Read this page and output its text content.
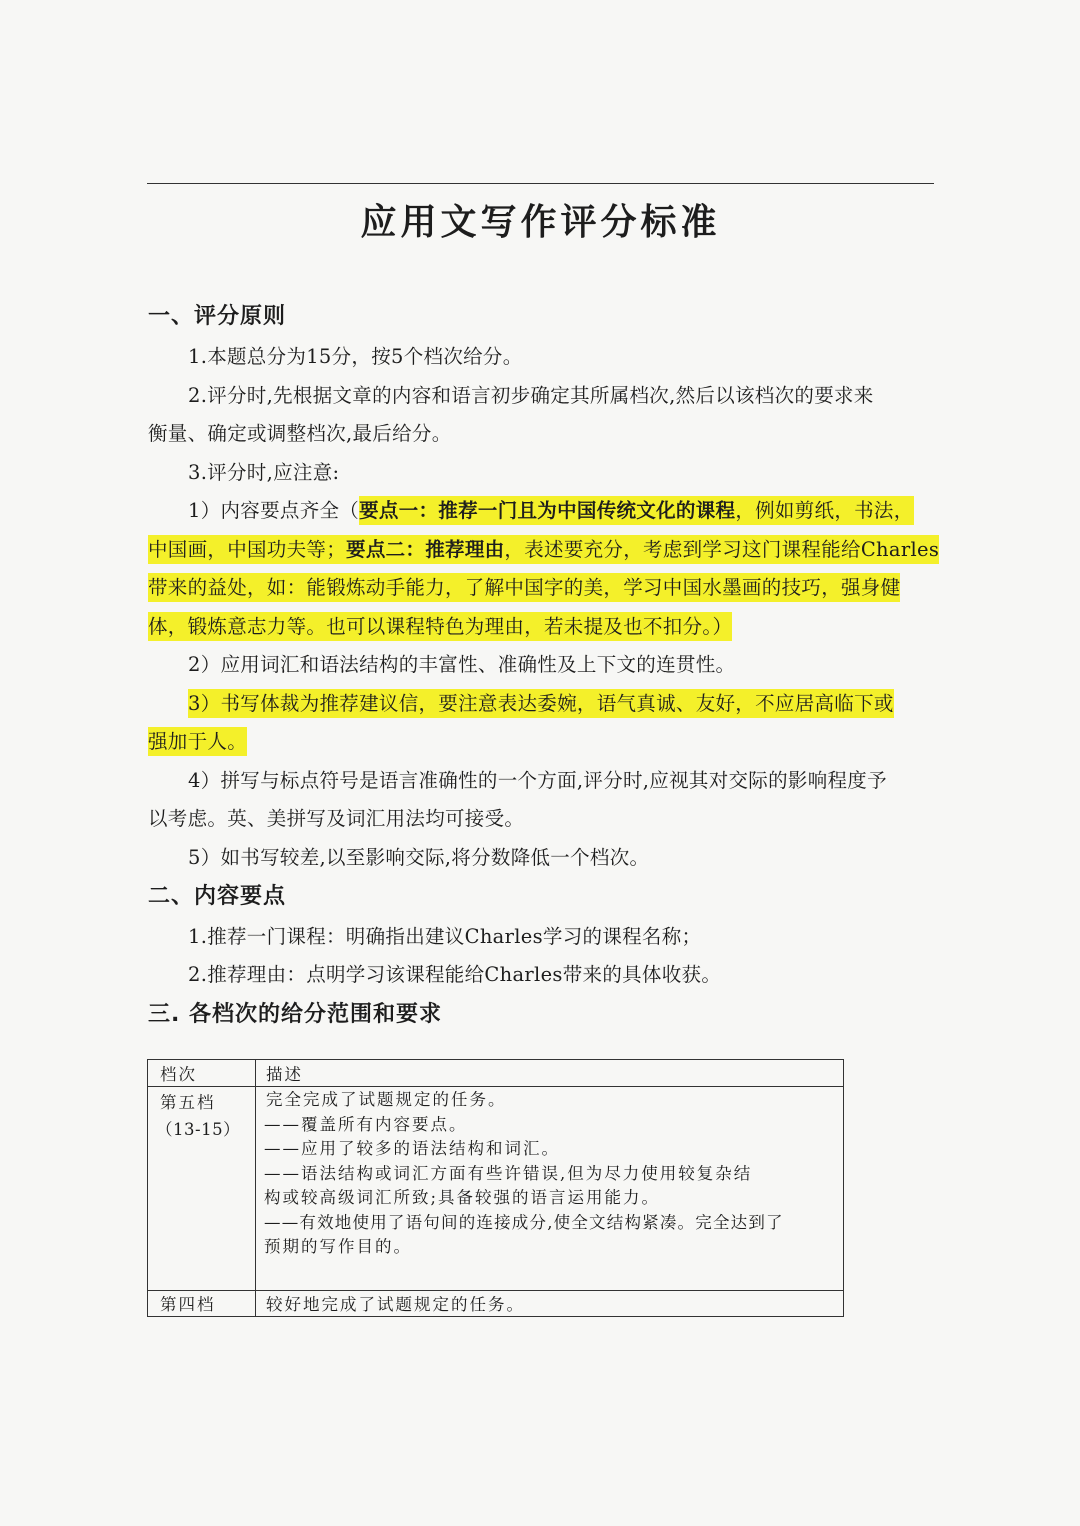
应用文写作评分标准
一、评分原则
1.本题总分为15分，按5个档次给分。
2.评分时,先根据文章的内容和语言初步确定其所属档次,然后以该档次的要求来
衡量、确定或调整档次,最后给分。
3.评分时,应注意:
1）内容要点齐全（要点一：推荐一门且为中国传统文化的课程，例如剪纸，书法，
中国画，中国功夫等；要点二：推荐理由，表述要充分，考虑到学习这门课程能给Charles
带来的益处，如：能锻炼动手能力，了解中国字的美，学习中国水墨画的技巧，强身健
体，锻炼意志力等。也可以课程特色为理由，若未提及也不扣分。）
2）应用词汇和语法结构的丰富性、准确性及上下文的连贯性。
3）书写体裁为推荐建议信，要注意表达委婉，语气真诚、友好，不应居高临下或
强加于人。
4）拼写与标点符号是语言准确性的一个方面,评分时,应视其对交际的影响程度予
以考虑。英、美拼写及词汇用法均可接受。
5）如书写较差,以至影响交际,将分数降低一个档次。
二、内容要点
1.推荐一门课程：明确指出建议Charles学习的课程名称；
2.推荐理由：点明学习该课程能给Charles带来的具体收获。
三. 各档次的给分范围和要求
档次	描述
第五档
（13-15）
完全完成了试题规定的任务。
——覆盖所有内容要点。
——应用了较多的语法结构和词汇。
——语法结构或词汇方面有些许错误,但为尽力使用较复杂结
构或较高级词汇所致;具备较强的语言运用能力。
——有效地使用了语句间的连接成分,使全文结构紧凑。完全达到了
预期的写作目的。
第四档	较好地完成了试题规定的任务。
